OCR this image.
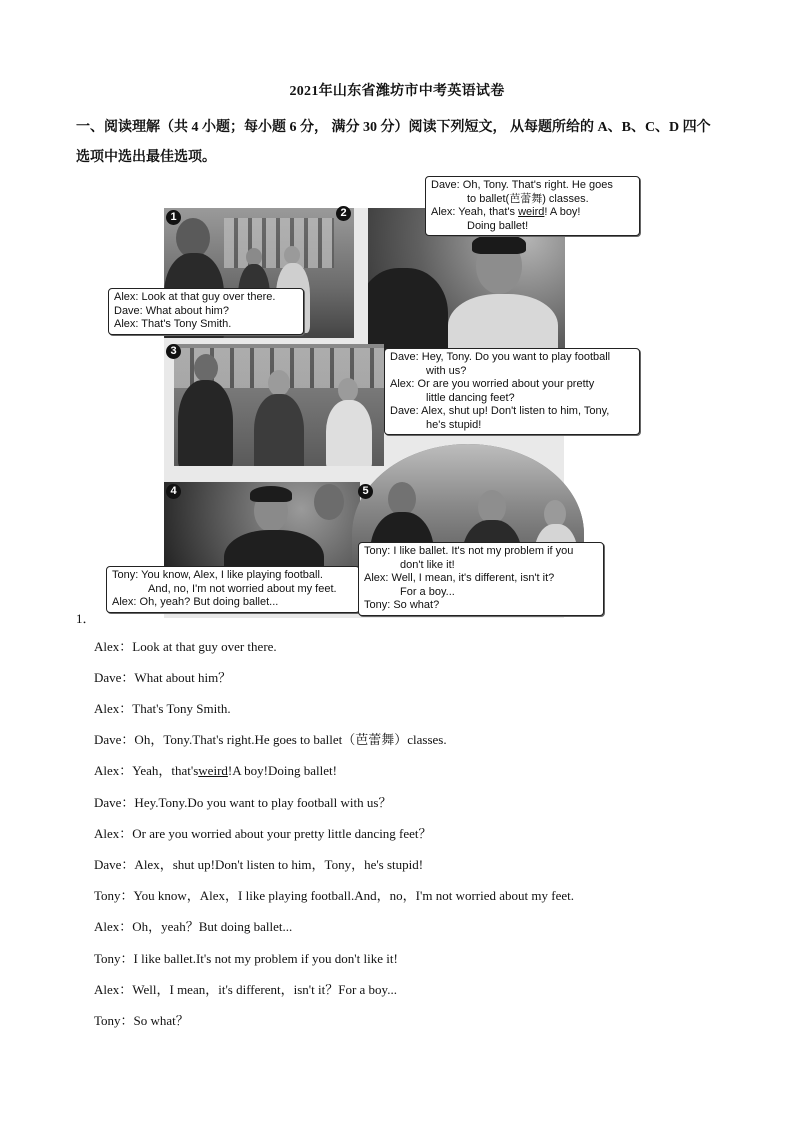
2021年山东省潍坊市中考英语试卷
一、阅读理解（共 4 小题；每小题 6 分， 满分 30 分）阅读下列短文， 从每题所给的 A、B、C、D 四个
选项中选出最佳选项。
1	2
3
4	5
Alex: Look at that guy over there.
Dave: What about him?
Alex: That's Tony Smith.
Dave: Oh, Tony. That's right. He goes
to ballet(芭蕾舞) classes.
Alex: Yeah, that's weird! A boy!
Doing ballet!
Dave: Hey, Tony. Do you want to play football
with us?
Alex: Or are you worried about your pretty
little dancing feet?
Dave: Alex, shut up! Don't listen to him, Tony,
he's stupid!
Tony: You know, Alex, I like playing football.
And, no, I'm not worried about my feet.
Alex: Oh, yeah? But doing ballet...
Tony: I like ballet. It's not my problem if you
don't like it!
Alex: Well, I mean, it's different, isn't it?
For a boy...
Tony: So what?
1．
Alex：Look at that guy over there.
Dave：What about him？
Alex：That's Tony Smith.
Dave：Oh，Tony.That's right.He goes to ballet（芭蕾舞）classes.
Alex：Yeah，that'sweird!A boy!Doing ballet!
Dave：Hey.Tony.Do you want to play football with us？
Alex：Or are you worried about your pretty little dancing feet？
Dave：Alex，shut up!Don't listen to him，Tony，he's stupid!
Tony：You know，Alex，I like playing football.And，no，I'm not worried about my feet.
Alex：Oh，yeah？But doing ballet...
Tony：I like ballet.It's not my problem if you don't like it!
Alex：Well，I mean，it's different，isn't it？For a boy...
Tony：So what？
